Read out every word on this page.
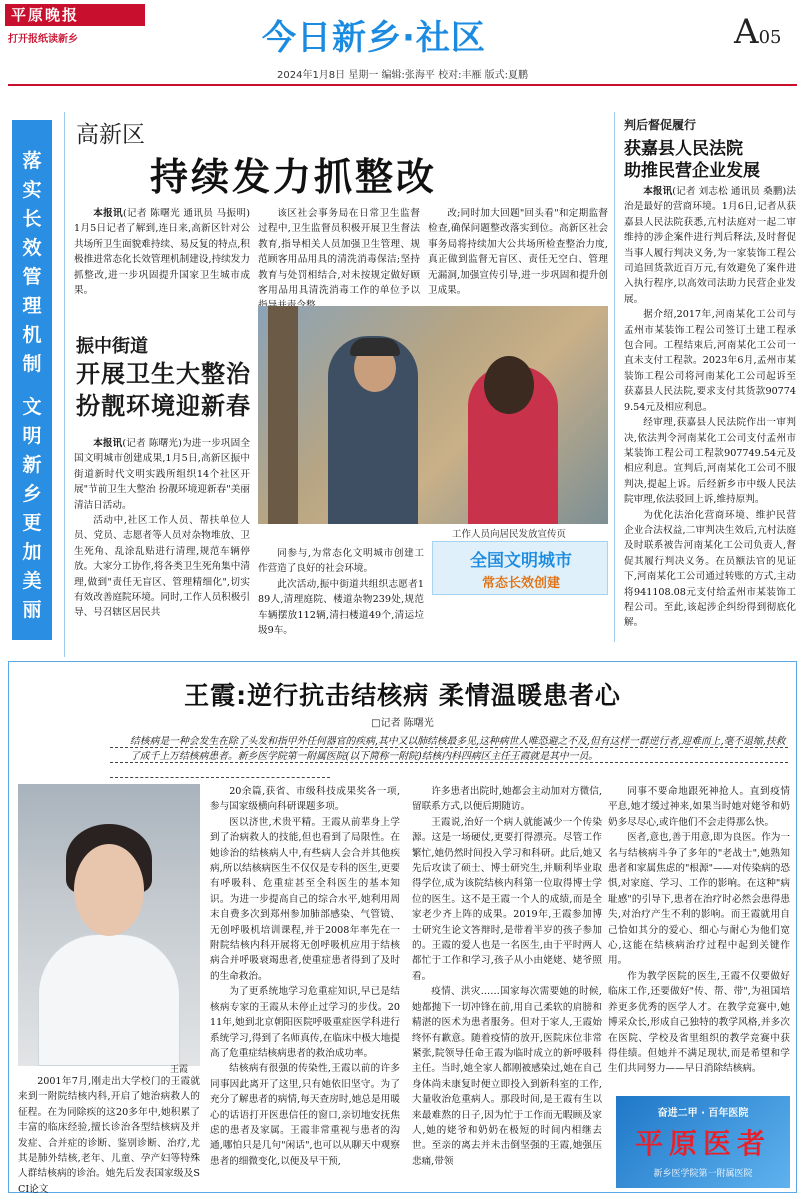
平原晚报
打开报纸读新乡	今日新乡·社区	A05
2024年1月8日 星期一 编辑:张海平 校对:丰雁 版式:夏鹏
落
实
长
效
管
理
机
制
文
明
新
乡
更
加
美
丽
高新区
持续发力抓整改

本报讯(记者 陈曙光 通讯员 马振明)1月5日记者了解到,连日来,高新区针对公共场所卫生面貌难持续、易反复的特点,积极推进常态化长效管理机制建设,持续发力抓整改,进一步巩固提升国家卫生城市成果。

该区社会事务局在日常卫生监督过程中,卫生监督员积极开展卫生督法教育,指导相关人员加强卫生管理、规范顾客用品用具的清洗消毒保洁;坚持教育与处罚相结合,对未按规定做好顾客用品用具清洗消毒工作的单位予以

改;同时加大回题"回头看"和定期监督检查,确保问题整改落实到位。高新区社会事务局将持续加大公共场所检查整治力度,真正做到监督无盲区、责任无空白、管理无漏洞,加强宣传引导,进一步巩固和提升创卫成果。

振中街道
开展卫生大整治
扮靓环境迎新春
工作人员向居民发放宣传页

本报讯(记者 陈曙光)为进一步巩固全国文明城市创建成果,1月5日,高新区振中街道新时代文明实践所组织14个社区开展"节前卫生大整治 扮靓环境迎新春"美丽清洁日活动。

活动中,社区工作人员、帮扶单位人员、党员、志愿者等人员对杂物堆放、卫生死角、乱涂乱贴进行清理,规范车辆停放。大家分工协作,将各类卫生死角集中清理,做到"责任无盲区、管理精细化",切实有效改善庭院环境。同时,工作人员积极引导、号召辖区居民共

同参与,为常态化文明城市创建工作营造了良好的社会环境。

此次活动,振中街道共组织志愿者189人,清理庭院、楼道杂物239处,规范车辆摆放112辆,清扫楼道49个,清运垃圾9车。

全国文明城市
常态长效创建
判后督促履行
获嘉县人民法院
助推民营企业发展

本报讯(记者 刘志松 通讯员 桑鹏)法治是最好的营商环境。1月6日,记者从获嘉县人民法院获悉,亢村法庭对一起二审维持的涉企案件进行判后释法,及时督促当事人履行判决义务,为一家装饰工程公司追回货款近百万元,有效避免了案件进入执行程序,以高效司法助力民营企业发展。

据介绍,2017年,河南某化工公司与孟州市某装饰工程公司签订土建工程承包合同。工程结束后,河南某化工公司一直未支付工程款。2023年6月,孟州市某装饰工程公司将河南某化工公司起诉至获嘉县人民法院,要求支付其货款907749.54元及相应利息。

经审理,获嘉县人民法院作出一审判决,依法判令河南某化工公司支付孟州市某装饰工程公司工程款907749.54元及相应利息。宣判后,河南某化工公司不服判决,提起上诉。后经新乡市中级人民法院审理,依法驳回上诉,维持原判。

为优化法治化营商环境、维护民营企业合法权益,二审判决生效后,亢村法庭及时联系被告河南某化工公司负责人,督促其履行判决义务。在员额法官的见证下,河南某化工公司通过转账的方式,主动将941108.08元支付给孟州市某装饰工程公司。至此,该起涉企纠纷得到彻底化解。

王霞:逆行抗击结核病 柔情温暖患者心
□记者 陈曙光
结核病是一种会发生在除了头发和指甲外任何器官的疾病,其中又以肺结核最多见,这种病世人唯恐避之不及,但有这样一群逆行者,迎难而上,毫不退缩,扶救了成千上万结核病患者。新乡医学院第一附属医院(以下简称一附院)结核内科四病区主任王霞就是其中一员。
王霞

2001年7月,刚走出大学校门的王霞就来到一附院结核内科,开启了她治病救人的征程。在为同除疾的这20多年中,她积累了丰富的临床经验,擅长诊治各型结核病及并发症、合并症的诊断、鉴别诊断、治疗,尤其是肺外结核,老年、儿童、孕产妇等特殊人群结核病的诊治。她先后发表国家级及SCI论文

20余篇,获省、市级科技成果奖各一项,参与国家级横向科研课题多项。

医以济世,术贵平精。王霞从前辈身上学到了治病救人的技能,但也看到了局限性。在她诊治的结核病人中,有些病人会合并其他疾病,所以结核病医生不仅仅是专科的医生,更要有呼吸科、危重症甚至全科医生的基本知识。为进一步提高自己的综合水平,她利用周末自费多次到郑州参加肺部感染、气管镜、无创呼吸机培训课程,并于2008年率先在一附院结核内科开展将无创呼吸机应用于结核病合并呼吸衰竭患者,使重症患者得到了及时的生命救治。

为了更系统地学习危重症知识,早已是结核病专家的王霞从未停止过学习的步伐。2011年,她到北京朝阳医院呼吸重症医学科进行系统学习,得到了名师真传,在临床中极大地提高了危重症结核病患者的救治成功率。

结核病有很强的传染性,王霞以前的许多同事因此离开了这里,只有她依旧坚守。为了充分了解患者的病情,每天查房时,她总是用暖心的话语打开医患信任的窗口,亲切地安抚焦虑的患者及家属。王霞非常重视与患者的沟通,哪怕只是几句"闲话",也可以从聊天中观察患者的细微变化,以便及早干预,

许多患者出院时,她都会主动加对方微信,留联系方式,以便后期随访。

王霞说,治好一个病人就能减少一个传染源。这是一场硬仗,更要打得漂亮。尽管工作繁忙,她仍然时间投入学习和科研。此后,她又先后攻读了硕士、博士研究生,并顺利毕业取得学位,成为该院结核内科第一位取得博士学位的医生。这不是王霞一个人的成绩,而是全家老少齐上阵的成果。2019年,王霞参加博士研究生论文答辩时,是带着半岁的孩子参加的。王霞的爱人也是一名医生,由于平时两人都忙于工作和学习,孩子从小由姥姥、姥爷照看。

疫情、洪灾……国家每次需要她的时候,她都抛下一切冲锋在前,用自己柔软的肩膀和精湛的医术为患者服务。但对于家人,王霞始终怀有歉意。随着疫情的放开,医院床位非常紧张,院领导任命王霞为临时成立的新呼吸科主任。当时,她全家人都刚被感染过,她在自己身体尚未康复时便立即投入到新科室的工作,大量收治危重病人。那段时间,是王霞有生以来最难熬的日子,因为忙于工作而无暇顾及家人,她的姥爷和奶奶在极短的时间内相继去世。至亲的离去并未击倒坚强的王霞,她强压悲痛,带领

同事不要命地跟死神抢人。直到疫情平息,她才缓过神来,如果当时她对姥爷和奶奶多尽尽心,或许他们不会走得那么快。

医者,意也,善于用意,即为良医。作为一名与结核病斗争了多年的"老战士",她熟知患者和家属焦虑的"根源"——对传染病的恐惧,对家庭、学习、工作的影响。在这种"病耻感"的引导下,患者在治疗时必然会患得患失,对治疗产生不利的影响。而王霞就用自己恰如其分的爱心、细心与耐心为他们宽心,这能在结核病治疗过程中起到关键作用。

作为教学医院的医生,王霞不仅要做好临床工作,还要做好"传、帮、带",为祖国培养更多优秀的医学人才。在教学竞赛中,她博采众长,形成自己独特的教学风格,并多次在医院、学校及省里组织的教学竞赛中获得佳绩。但她并不满足现状,而是希望和学生们共同努力——早日消除结核病。

奋进二甲 · 百年医院
平原医者
新乡医学院第一附属医院
